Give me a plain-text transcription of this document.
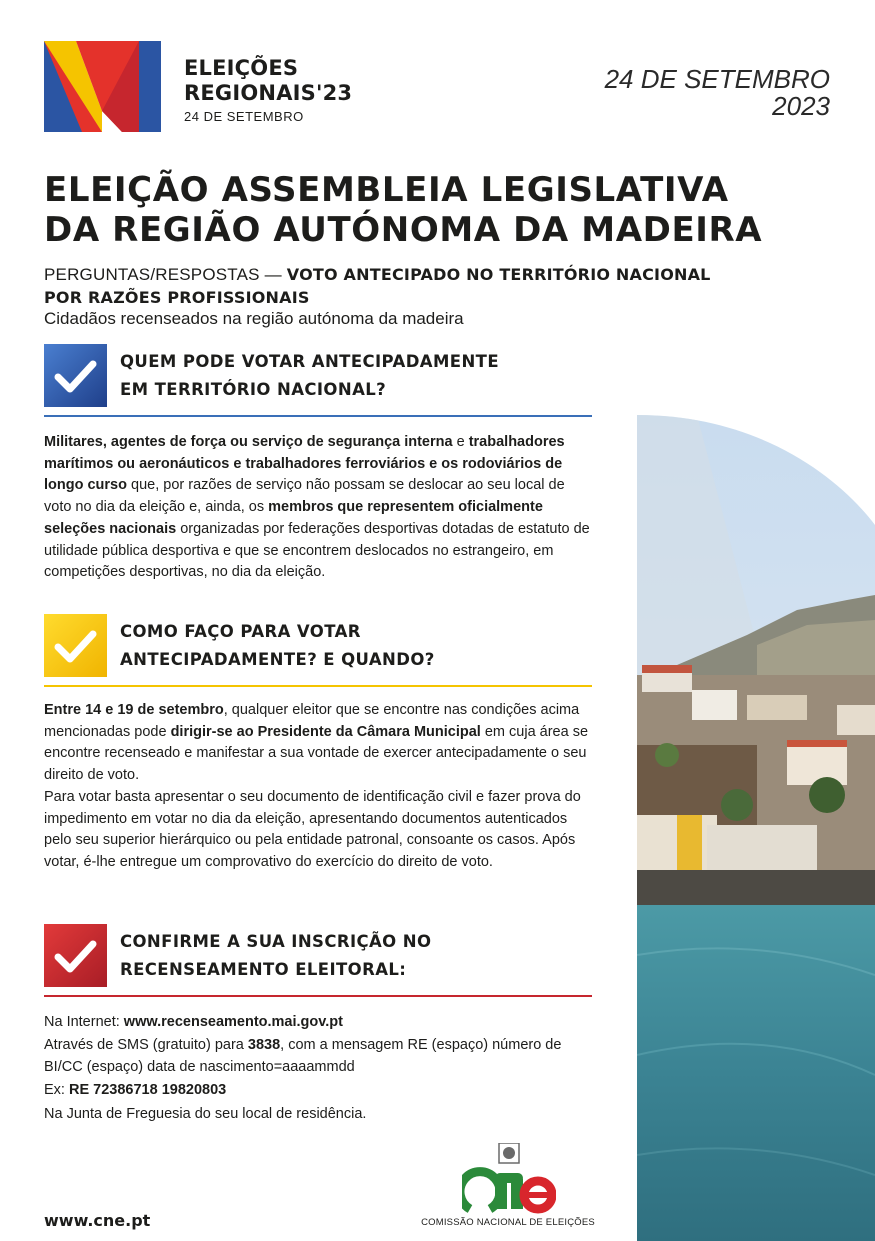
ELEIÇÕES
REGIONAIS'23
24 DE SETEMBRO
24 DE SETEMBRO
2023
ELEIÇÃO ASSEMBLEIA LEGISLATIVA
DA REGIÃO AUTÓNOMA DA MADEIRA
PERGUNTAS/RESPOSTAS — VOTO ANTECIPADO NO TERRITÓRIO NACIONAL
POR RAZÕES PROFISSIONAIS
Cidadãos recenseados na região autónoma da madeira
QUEM PODE VOTAR ANTECIPADAMENTE
EM TERRITÓRIO NACIONAL?

Militares, agentes de força ou serviço de segurança interna e trabalhadores marítimos ou aeronáuticos e trabalhadores ferroviários e os rodoviários de longo curso que, por razões de serviço não possam se deslocar ao seu local de voto no dia da eleição e, ainda, os membros que representem oficialmente seleções nacionais organizadas por federações desportivas dotadas de estatuto de utilidade pública desportiva e que se encontrem deslocados no estrangeiro, em competições desportivas, no dia da eleição.

COMO FAÇO PARA VOTAR
ANTECIPADAMENTE? E QUANDO?

Entre 14 e 19 de setembro, qualquer eleitor que se encontre nas condições acima mencionadas pode dirigir-se ao Presidente da Câmara Municipal em cuja área se encontre recenseado e manifestar a sua vontade de exercer antecipadamente o seu direito de voto.

Para votar basta apresentar o seu documento de identificação civil e fazer prova do impedimento em votar no dia da eleição, apresentando documentos autenticados pelo seu superior hierárquico ou pela entidade patronal, consoante os casos. Após votar, é-lhe entregue um comprovativo do exercício do direito de voto.

CONFIRME A SUA INSCRIÇÃO NO
RECENSEAMENTO ELEITORAL:

Na Internet: www.recenseamento.mai.gov.pt

Através de SMS (gratuito) para 3838, com a mensagem RE (espaço) número de BI/CC (espaço) data de nascimento=aaaammdd

Ex: RE 72386718 19820803

Na Junta de Freguesia do seu local de residência.

www.cne.pt	COMISSÃO NACIONAL DE ELEIÇÕES
